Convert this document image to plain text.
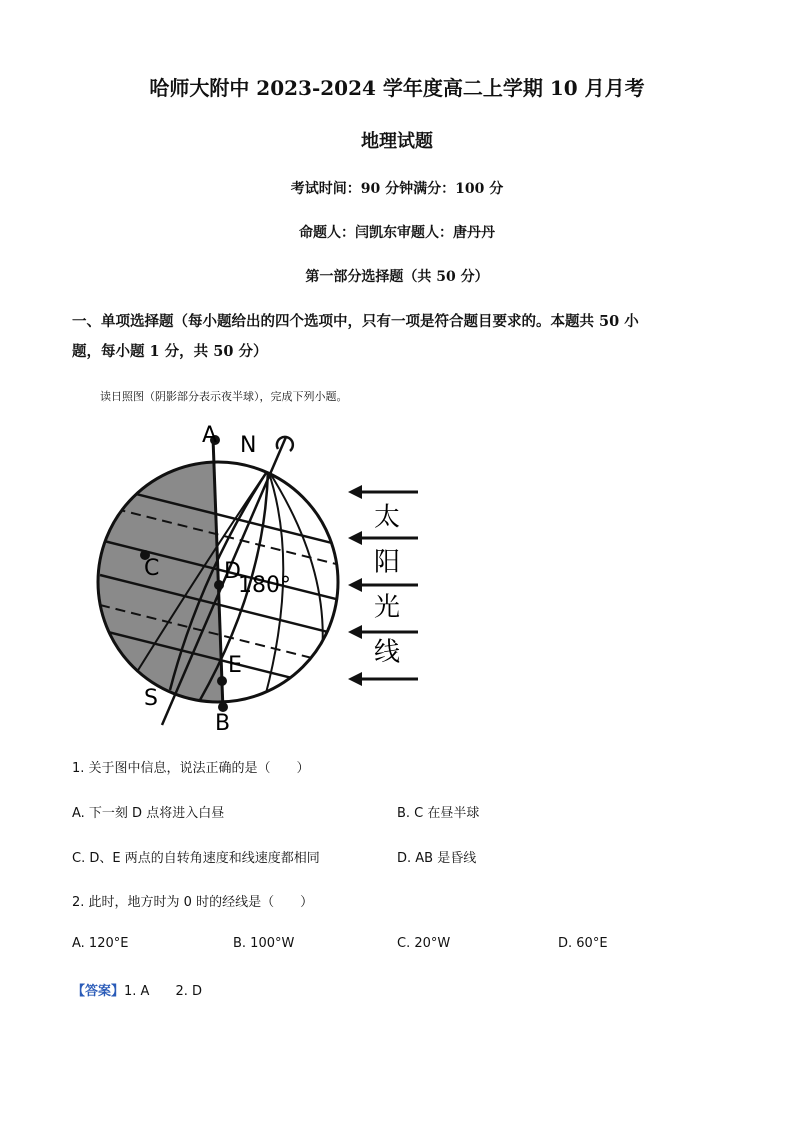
哈师大附中 2023-2024 学年度高二上学期 10 月月考
地理试题
考试时间：90 分钟满分：100 分
命题人：闫凯东审题人：唐丹丹
第一部分选择题（共 50 分）
一、单项选择题（每小题给出的四个选项中，只有一项是符合题目要求的。本题共 50 小
题，每小题 1 分，共 50 分）
读日照图（阴影部分表示夜半球），完成下列小题。
A N
C	D
E
S
B
180°
太
阳
光
线
1. 关于图中信息，说法正确的是（　　）
A. 下一刻 D 点将进入白昼	B. C 在昼半球
C. D、E 两点的自转角速度和线速度都相同	D. AB 是昏线
2. 此时，地方时为 0 时的经线是（　　）
A. 120°E	B. 100°W	C. 20°W	D. 60°E
【答案】1. A　　2. D
